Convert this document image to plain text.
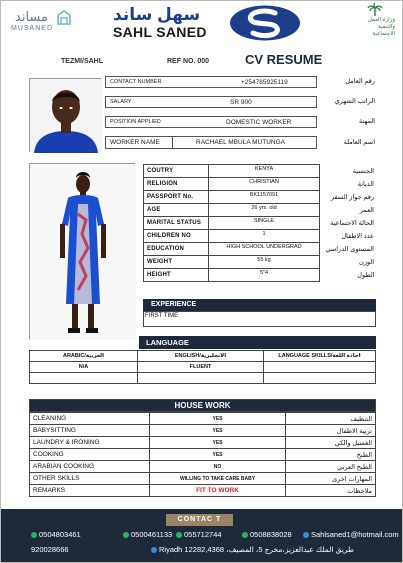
مساند
MUSANED
سهل ساند
SAHL SANED
وزارة العمل والتنمية الاجتماعية
TEZMI/SAHL	REF NO. 000	CV RESUME
CONTACT NUMBER	+254785925119	رقم العامل
SALARY	SR 900	الراتب الشهري
POSITION APPLIED	DOMESTIC WORKER	المهنة
WORKER NAME	RACHAEL MBULA MUTUNGA	اسم العاملة
COUTRY	KENYA	الجنسية
RELIGION	CHRISTIAN	الديانة
PASSPORT No.	BK1157091	رقم جواز السفر
AGE	26 yrs. old	العمر
MARITAL STATUS	SINGLE	الحالة الاجتماعية
CHILDREN NO	1	عدد الاطفال
EDUCATION	HIGH SCHOOL UNDERGRAD	المستوى الدراسي
WEIGHT	55 kg	الوزن
HEIGHT	5"4	الطول
EXPERIENCE
FIRST TIME
LANGUAGE
ARABIC/العربية	ENGLISH/الانجليزية	LANGUAGE SKILLS/اجادة اللغة
N/A	FLUENT	

HOUSE WORK
CLEANING	YES	التنظيف
BABYSITTING	YES	تربية الاطفال
LAUNDRY & IRONING	YES	الغسيل والكي
COOKING	YES	الطبخ
ARABIAN COOKING	NO	الطبخ العربي
OTHER SKILLS	WILLING TO TAKE CARE BABY	المهارات اخرى
REMARKS	FIT TO WORK	ملاحظات
CONTAC T
0504803461	0500461133	055712744	0508838028	Sahlsaned1@hotmail.com
920028666	Riyadh 12282,4368 ،طريق الملك عبدالعزيز،مخرج 5، المصيف
